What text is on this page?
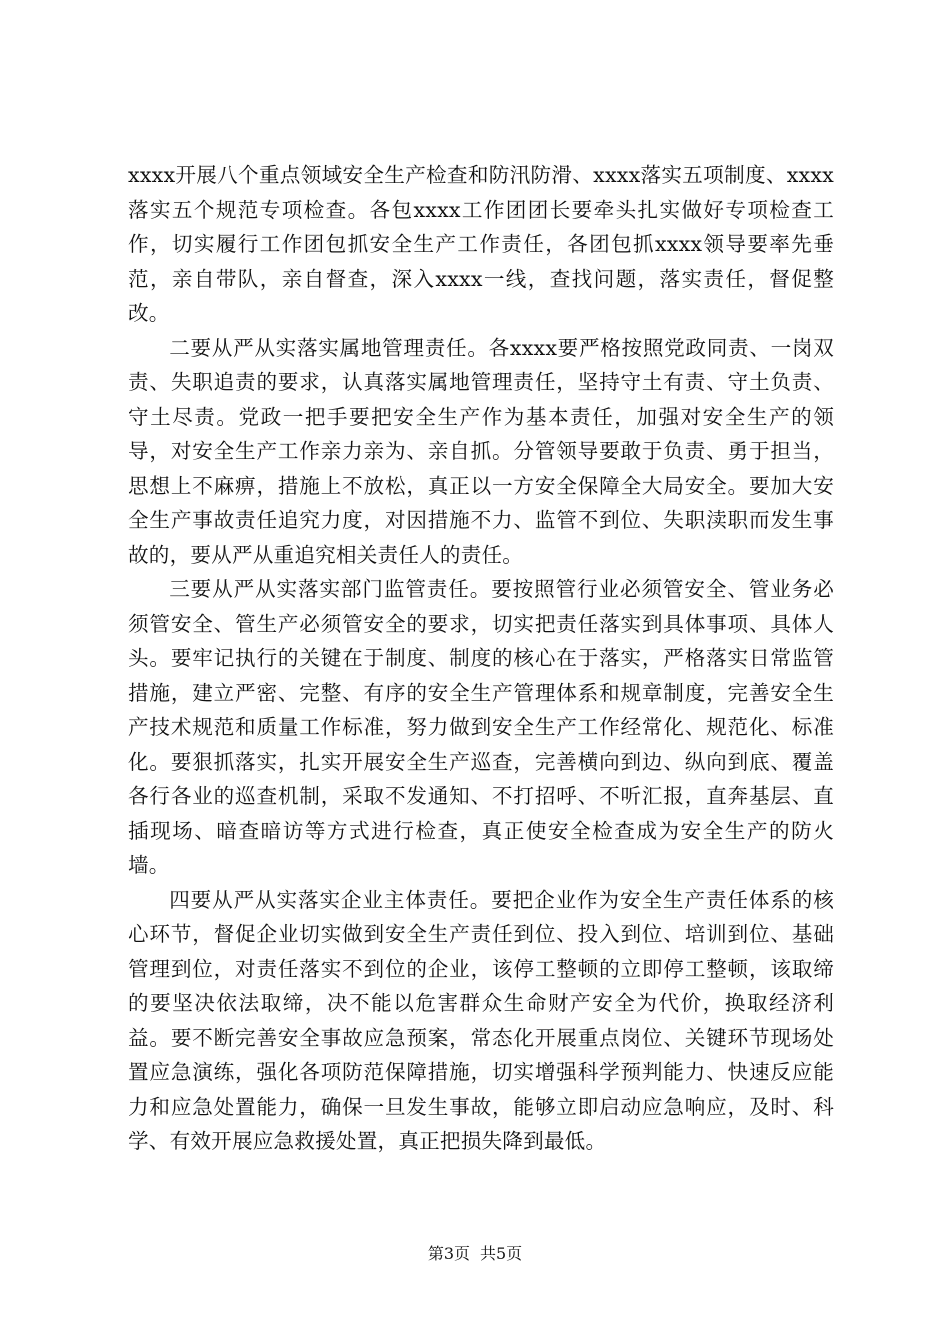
xxxx开展八个重点领域安全生产检查和防汛防滑、xxxx落实五项制度、xxxx落实五个规范专项检查。各包xxxx工作团团长要牵头扎实做好专项检查工作，切实履行工作团包抓安全生产工作责任，各团包抓xxxx领导要率先垂范，亲自带队，亲自督查，深入xxxx一线，查找问题，落实责任，督促整改。

二要从严从实落实属地管理责任。各xxxx要严格按照党政同责、一岗双责、失职追责的要求，认真落实属地管理责任，坚持守土有责、守土负责、守土尽责。党政一把手要把安全生产作为基本责任，加强对安全生产的领导，对安全生产工作亲力亲为、亲自抓。分管领导要敢于负责、勇于担当，思想上不麻痹，措施上不放松，真正以一方安全保障全大局安全。要加大安全生产事故责任追究力度，对因措施不力、监管不到位、失职渎职而发生事故的，要从严从重追究相关责任人的责任。

三要从严从实落实部门监管责任。要按照管行业必须管安全、管业务必须管安全、管生产必须管安全的要求，切实把责任落实到具体事项、具体人头。要牢记执行的关键在于制度、制度的核心在于落实，严格落实日常监管措施，建立严密、完整、有序的安全生产管理体系和规章制度，完善安全生产技术规范和质量工作标准，努力做到安全生产工作经常化、规范化、标准化。要狠抓落实，扎实开展安全生产巡查，完善横向到边、纵向到底、覆盖各行各业的巡查机制，采取不发通知、不打招呼、不听汇报，直奔基层、直插现场、暗查暗访等方式进行检查，真正使安全检查成为安全生产的防火墙。

四要从严从实落实企业主体责任。要把企业作为安全生产责任体系的核心环节，督促企业切实做到安全生产责任到位、投入到位、培训到位、基础管理到位，对责任落实不到位的企业，该停工整顿的立即停工整顿，该取缔的要坚决依法取缔，决不能以危害群众生命财产安全为代价，换取经济利益。要不断完善安全事故应急预案，常态化开展重点岗位、关键环节现场处置应急演练，强化各项防范保障措施，切实增强科学预判能力、快速反应能力和应急处置能力，确保一旦发生事故，能够立即启动应急响应，及时、科学、有效开展应急救援处置，真正把损失降到最低。

第3页 共5页
